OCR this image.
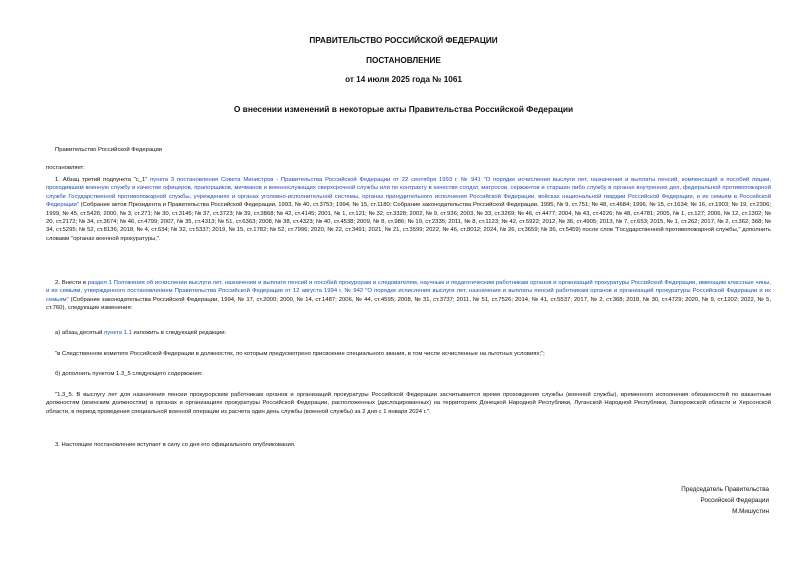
ПРАВИТЕЛЬСТВО РОССИЙСКОЙ ФЕДЕРАЦИИ
ПОСТАНОВЛЕНИЕ
от 14 июля 2025 года № 1061
О внесении изменений в некоторые акты Правительства Российской Федерации
Правительство Российской Федерации
постановляет:
1. Абзац третий подпункта "с_1" пункта 3 постановления Совета Министров - Правительства Российской Федерации от 22 сентября 1993 г. № 941 "О порядке исчисления выслуги лет, назначения и выплаты пенсий, компенсаций и пособий лицам, проходившим военную службу в качестве офицеров, прапорщиков, мичманов и военнослужащих сверхсрочной службы или по контракту в качестве солдат, матросов, сержантов и старшин либо службу в органах внутренних дел, федеральной противопожарной службе Государственной противопожарной службы, учреждениях и органах уголовно-исполнительной системы, органах принудительного исполнения Российской Федерации, войсках национальной гвардии Российской Федерации, и их семьям в Российской Федерации" (Собрание актов Президента и Правительства Российской Федерации, 1993, № 40, ст.3753; 1994, № 15, ст.1180; Собрание законодательства Российской Федерации, 1995, № 9, ст.751; № 48, ст.4684; 1996, № 15, ст.1634; № 16, ст.1903; № 19, ст.2306; 1999, № 45, ст.5426; 2000, № 3, ст.271; № 30, ст.3145; № 37, ст.3723; № 39, ст.3868; № 42, ст.4145; 2001, № 1, ст.121; № 32, ст.3328; 2002, № 9, ст.936; 2003, № 33, ст.3269; № 46, ст.4477; 2004, № 43, ст.4226; № 48, ст.4781; 2005, № 1, ст.127; 2006, № 12, ст.1302; № 20, ст.2172; № 34, ст.3674; № 46, ст.4799; 2007, № 35, ст.4313; № 51, ст.6363; 2008, № 38, ст.4323; № 40, ст.4538; 2009, № 8, ст.986; № 19, ст.2335; 2011, № 8, ст.1123; № 42, ст.5922; 2012, № 36, ст.4905; 2013, № 7, ст.653; 2015, № 1, ст.262; 2017, № 2, ст.362, 368; № 34, ст.5295; № 52, ст.8136; 2018, № 4, ст.634; № 32, ст.5337; 2019, № 15, ст.1782; № 52, ст.7996; 2020, № 22, ст.3491; 2021, № 21, ст.3599; 2022, № 46, ст.8012; 2024, № 26, ст.3659; № 36, ст.5459) после слов "Государственной противопожарной службы," дополнить словами "органах военной прокуратуры,".
2. Внести в раздел 1 Положения об исчислении выслуги лет, назначении и выплате пенсий и пособий прокурорам и следователям, научным и педагогическим работникам органов и организаций прокуратуры Российской Федерации, имеющим классные чины, и их семьям, утвержденного постановлением Правительства Российской Федерации от 12 августа 1994 г. № 942 "О порядке исчисления выслуги лет, назначения и выплаты пенсий работникам органов и организаций прокуратуры Российской Федерации и их семьям" (Собрание законодательства Российской Федерации, 1994, № 17, ст.2000; 2000, № 14, ст.1487; 2006, № 44, ст.4595; 2008, № 31, ст.3737; 2011, № 51, ст.7526; 2014, № 41, ст.5537; 2017, № 2, ст.368; 2018, № 30, ст.4729; 2020, № 9, ст.1202; 2022, № 5, ст.760), следующие изменения:
а) абзац десятый пункта 1.1 изложить в следующей редакции:
"в Следственном комитете Российской Федерации в должностях, по которым предусмотрено присвоение специального звания, в том числе исчисленные на льготных условиях;";
б) дополнить пунктом 1.3_5 следующего содержания:
"1.3_5. В выслугу лет для назначения пенсии прокурорским работникам органов и организаций прокуратуры Российской Федерации засчитывается время прохождения службы (военной службы), временного исполнения обязанностей по вакантным должностям (воинским должностям) в органах и организациях прокуратуры Российской Федерации, расположенных (дислоцированных) на территориях Донецкой Народной Республики, Луганской Народной Республики, Запорожской области и Херсонской области, в период проведения специальной военной операции из расчета один день службы (военной службы) за 2 дня с 1 января 2024 г.".
3. Настоящее постановление вступает в силу со дня его официального опубликования.
Председатель Правительства
Российской Федерации
М.Мишустин
